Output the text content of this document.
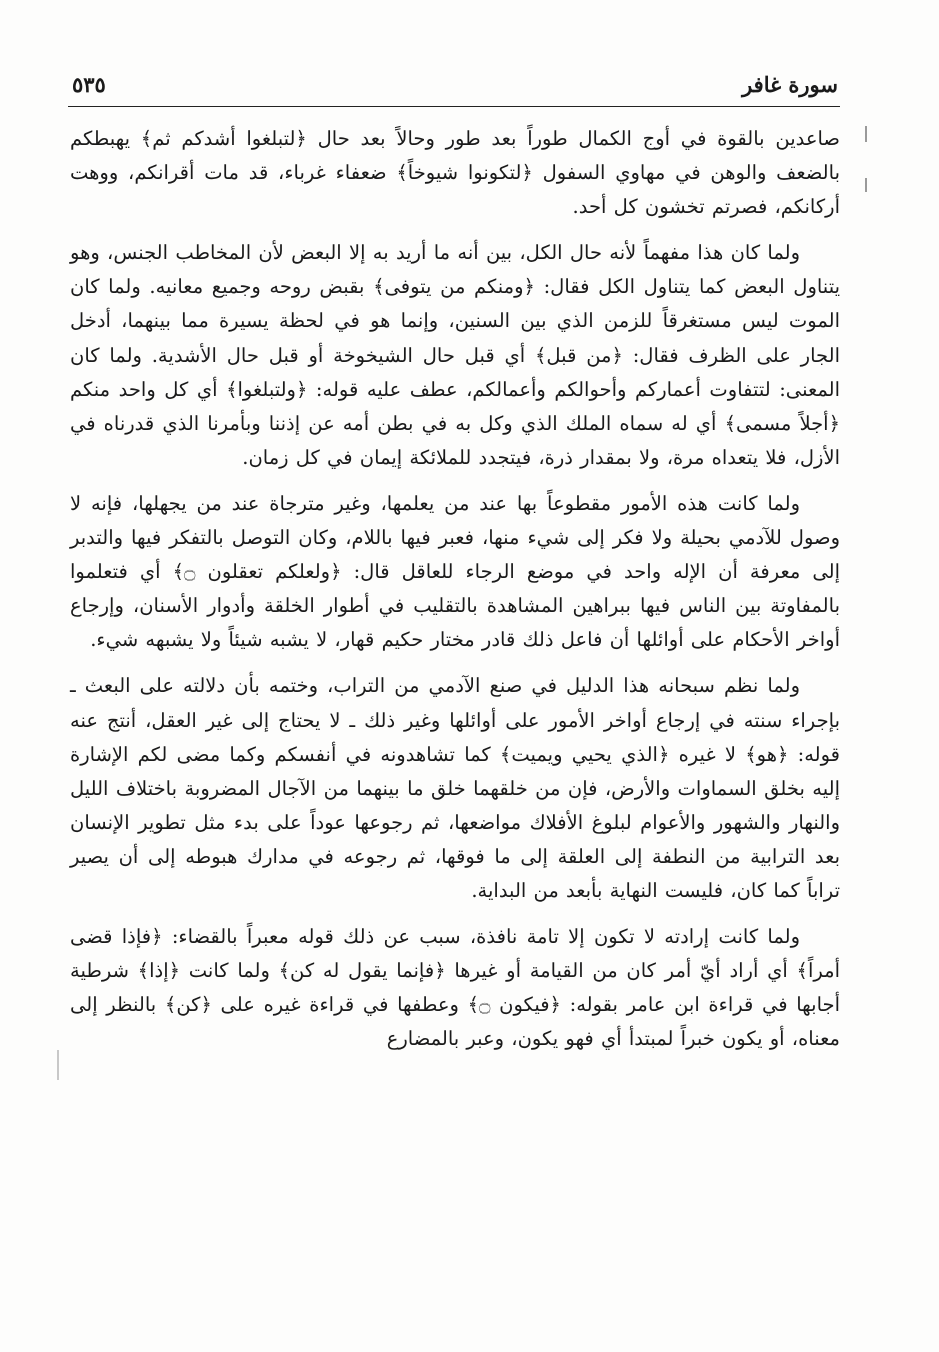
سورة غافر
٥٣٥

صاعدين بالقوة في أوج الكمال طوراً بعد طور وحالاً بعد حال ﴿لتبلغوا أشدكم ثم﴾ يهبطكم بالضعف والوهن في مهاوي السفول ﴿لتكونوا شيوخاً﴾ ضعفاء غرباء، قد مات أقرانكم، ووهت أركانكم، فصرتم تخشون كل أحد.

ولما كان هذا مفهماً لأنه حال الكل، بين أنه ما أريد به إلا البعض لأن المخاطب الجنس، وهو يتناول البعض كما يتناول الكل فقال: ﴿ومنكم من يتوفى﴾ بقبض روحه وجميع معانيه. ولما كان الموت ليس مستغرقاً للزمن الذي بين السنين، وإنما هو في لحظة يسيرة مما بينهما، أدخل الجار على الظرف فقال: ﴿من قبل﴾ أي قبل حال الشيخوخة أو قبل حال الأشدية. ولما كان المعنى: لتتفاوت أعماركم وأحوالكم وأعمالكم، عطف عليه قوله: ﴿ولتبلغوا﴾ أي كل واحد منكم ﴿أجلاً مسمى﴾ أي له سماه الملك الذي وكل به في بطن أمه عن إذننا وبأمرنا الذي قدرناه في الأزل، فلا يتعداه مرة، ولا بمقدار ذرة، فيتجدد للملائكة إيمان في كل زمان.

ولما كانت هذه الأمور مقطوعاً بها عند من يعلمها، وغير مترجاة عند من يجهلها، فإنه لا وصول للآدمي بحيلة ولا فكر إلى شيء منها، فعبر فيها باللام، وكان التوصل بالتفكر فيها والتدبر إلى معرفة أن الإله واحد في موضع الرجاء للعاقل قال: ﴿ولعلكم تعقلون ۝﴾ أي فتعلموا بالمفاوتة بين الناس فيها ببراهين المشاهدة بالتقليب في أطوار الخلقة وأدوار الأسنان، وإرجاع أواخر الأحكام على أوائلها أن فاعل ذلك قادر مختار حكيم قهار، لا يشبه شيئاً ولا يشبهه شيء.

ولما نظم سبحانه هذا الدليل في صنع الآدمي من التراب، وختمه بأن دلالته على البعث ـ بإجراء سنته في إرجاع أواخر الأمور على أوائلها وغير ذلك ـ لا يحتاج إلى غير العقل، أنتج عنه قوله: ﴿هو﴾ لا غيره ﴿الذي يحيي ويميت﴾ كما تشاهدونه في أنفسكم وكما مضى لكم الإشارة إليه بخلق السماوات والأرض، فإن من خلقهما خلق ما بينهما من الآجال المضروبة باختلاف الليل والنهار والشهور والأعوام لبلوغ الأفلاك مواضعها، ثم رجوعها عوداً على بدء مثل تطوير الإنسان بعد الترابية من النطفة إلى العلقة إلى ما فوقها، ثم رجوعه في مدارك هبوطه إلى أن يصير تراباً كما كان، فليست النهاية بأبعد من البداية.

ولما كانت إرادته لا تكون إلا تامة نافذة، سبب عن ذلك قوله معبراً بالقضاء: ﴿فإذا قضى أمراً﴾ أي أراد أيّ أمر كان من القيامة أو غيرها ﴿فإنما يقول له كن﴾ ولما كانت ﴿إذا﴾ شرطية أجابها في قراءة ابن عامر بقوله: ﴿فيكون ۝﴾ وعطفها في قراءة غيره على ﴿كن﴾ بالنظر إلى معناه، أو يكون خبراً لمبتدأ أي فهو يكون، وعبر بالمضارع
